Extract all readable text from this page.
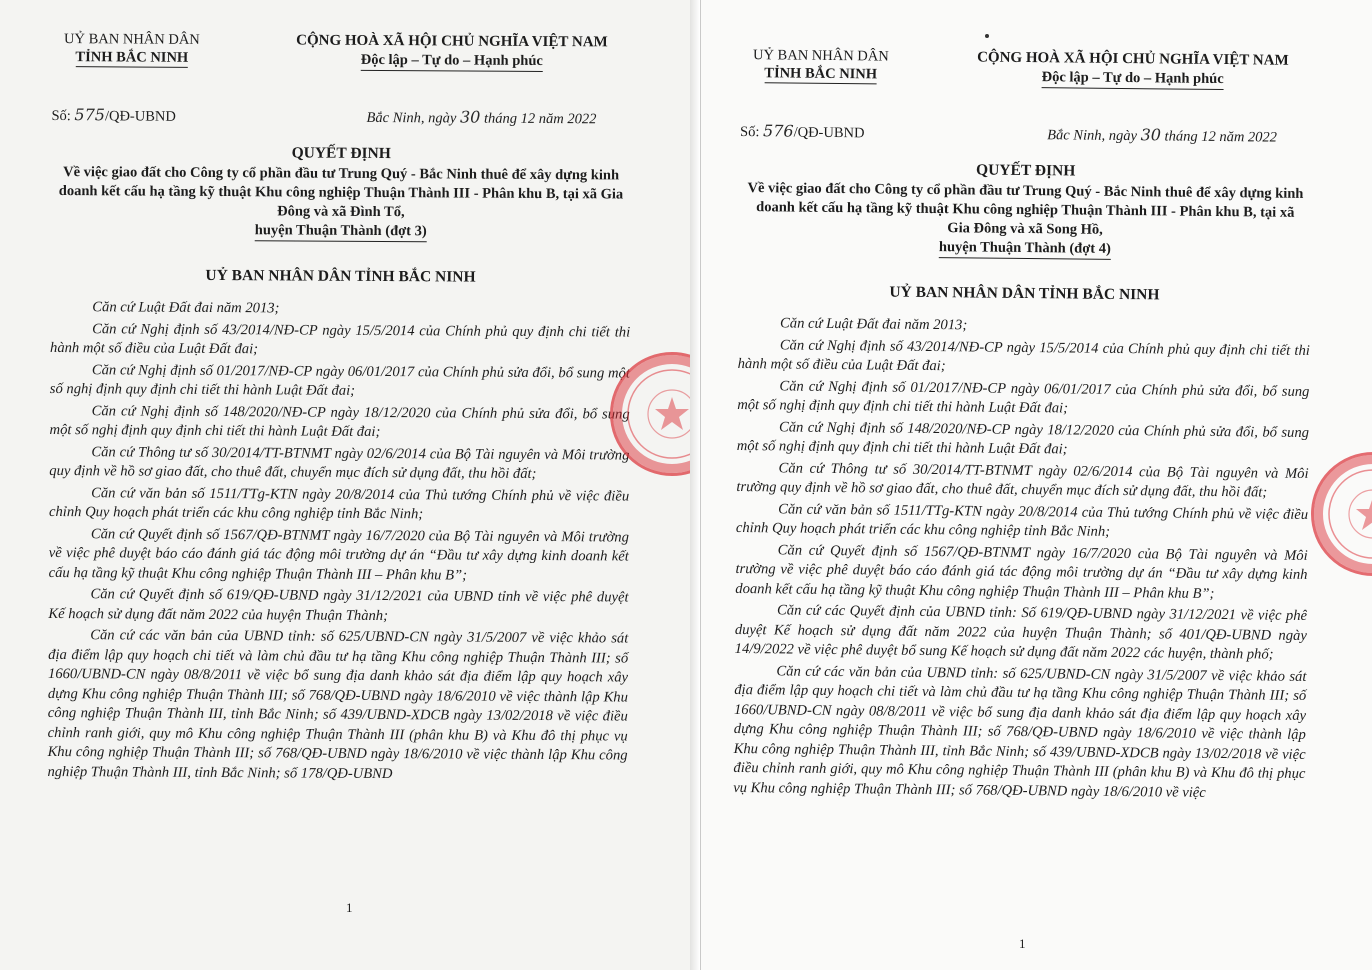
UỶ BAN NHÂN DÂN
TỈNH BẮC NINH
CỘNG HOÀ XÃ HỘI CHỦ NGHĨA VIỆT NAM
Độc lập – Tự do – Hạnh phúc
Số: 575/QĐ-UBND	Bắc Ninh, ngày 30 tháng 12 năm 2022
QUYẾT ĐỊNH
Về việc giao đất cho Công ty cổ phần đầu tư Trung Quý - Bắc Ninh thuê để xây dựng kinh doanh kết cấu hạ tầng kỹ thuật Khu công nghiệp Thuận Thành III - Phân khu B, tại xã Gia Đông và xã Đình Tổ,
huyện Thuận Thành (đợt 3)
UỶ BAN NHÂN DÂN TỈNH BẮC NINH

Căn cứ Luật Đất đai năm 2013;

Căn cứ Nghị định số 43/2014/NĐ-CP ngày 15/5/2014 của Chính phủ quy định chi tiết thi hành một số điều của Luật Đất đai;

Căn cứ Nghị định số 01/2017/NĐ-CP ngày 06/01/2017 của Chính phủ sửa đổi, bổ sung một số nghị định quy định chi tiết thi hành Luật Đất đai;

Căn cứ Nghị định số 148/2020/NĐ-CP ngày 18/12/2020 của Chính phủ sửa đổi, bổ sung một số nghị định quy định chi tiết thi hành Luật Đất đai;

Căn cứ Thông tư số 30/2014/TT-BTNMT ngày 02/6/2014 của Bộ Tài nguyên và Môi trường quy định về hồ sơ giao đất, cho thuê đất, chuyển mục đích sử dụng đất, thu hồi đất;

Căn cứ văn bản số 1511/TTg-KTN ngày 20/8/2014 của Thủ tướng Chính phủ về việc điều chỉnh Quy hoạch phát triển các khu công nghiệp tỉnh Bắc Ninh;

Căn cứ Quyết định số 1567/QĐ-BTNMT ngày 16/7/2020 của Bộ Tài nguyên và Môi trường về việc phê duyệt báo cáo đánh giá tác động môi trường dự án “Đầu tư xây dựng kinh doanh kết cấu hạ tầng kỹ thuật Khu công nghiệp Thuận Thành III – Phân khu B”;

Căn cứ Quyết định số 619/QĐ-UBND ngày 31/12/2021 của UBND tỉnh về việc phê duyệt Kế hoạch sử dụng đất năm 2022 của huyện Thuận Thành;

Căn cứ các văn bản của UBND tỉnh: số 625/UBND-CN ngày 31/5/2007 về việc khảo sát địa điểm lập quy hoạch chi tiết và làm chủ đầu tư hạ tầng Khu công nghiệp Thuận Thành III; số 1660/UBND-CN ngày 08/8/2011 về việc bổ sung địa danh khảo sát địa điểm lập quy hoạch xây dựng Khu công nghiệp Thuận Thành III; số 768/QĐ-UBND ngày 18/6/2010 về việc thành lập Khu công nghiệp Thuận Thành III, tỉnh Bắc Ninh; số 439/UBND-XDCB ngày 13/02/2018 về việc điều chỉnh ranh giới, quy mô Khu công nghiệp Thuận Thành III (phân khu B) và Khu đô thị phục vụ Khu công nghiệp Thuận Thành III; số 768/QĐ-UBND ngày 18/6/2010 về việc thành lập Khu công nghiệp Thuận Thành III, tỉnh Bắc Ninh; số 178/QĐ-UBND

1
UỶ BAN NHÂN DÂN
TỈNH BẮC NINH
CỘNG HOÀ XÃ HỘI CHỦ NGHĨA VIỆT NAM
Độc lập – Tự do – Hạnh phúc
Số: 576/QĐ-UBND	Bắc Ninh, ngày 30 tháng 12 năm 2022
QUYẾT ĐỊNH
Về việc giao đất cho Công ty cổ phần đầu tư Trung Quý - Bắc Ninh thuê để xây dựng kinh doanh kết cấu hạ tầng kỹ thuật Khu công nghiệp Thuận Thành III - Phân khu B, tại xã Gia Đông và xã Song Hồ,
huyện Thuận Thành (đợt 4)
UỶ BAN NHÂN DÂN TỈNH BẮC NINH

Căn cứ Luật Đất đai năm 2013;

Căn cứ Nghị định số 43/2014/NĐ-CP ngày 15/5/2014 của Chính phủ quy định chi tiết thi hành một số điều của Luật Đất đai;

Căn cứ Nghị định số 01/2017/NĐ-CP ngày 06/01/2017 của Chính phủ sửa đổi, bổ sung một số nghị định quy định chi tiết thi hành Luật Đất đai;

Căn cứ Nghị định số 148/2020/NĐ-CP ngày 18/12/2020 của Chính phủ sửa đổi, bổ sung một số nghị định quy định chi tiết thi hành Luật Đất đai;

Căn cứ Thông tư số 30/2014/TT-BTNMT ngày 02/6/2014 của Bộ Tài nguyên và Môi trường quy định về hồ sơ giao đất, cho thuê đất, chuyển mục đích sử dụng đất, thu hồi đất;

Căn cứ văn bản số 1511/TTg-KTN ngày 20/8/2014 của Thủ tướng Chính phủ về việc điều chỉnh Quy hoạch phát triển các khu công nghiệp tỉnh Bắc Ninh;

Căn cứ Quyết định số 1567/QĐ-BTNMT ngày 16/7/2020 của Bộ Tài nguyên và Môi trường về việc phê duyệt báo cáo đánh giá tác động môi trường dự án “Đầu tư xây dựng kinh doanh kết cấu hạ tầng kỹ thuật Khu công nghiệp Thuận Thành III – Phân khu B”;

Căn cứ các Quyết định của UBND tỉnh: Số 619/QĐ-UBND ngày 31/12/2021 về việc phê duyệt Kế hoạch sử dụng đất năm 2022 của huyện Thuận Thành; số 401/QĐ-UBND ngày 14/9/2022 về việc phê duyệt bổ sung Kế hoạch sử dụng đất năm 2022 các huyện, thành phố;

Căn cứ các văn bản của UBND tỉnh: số 625/UBND-CN ngày 31/5/2007 về việc khảo sát địa điểm lập quy hoạch chi tiết và làm chủ đầu tư hạ tầng Khu công nghiệp Thuận Thành III; số 1660/UBND-CN ngày 08/8/2011 về việc bổ sung địa danh khảo sát địa điểm lập quy hoạch xây dựng Khu công nghiệp Thuận Thành III; số 768/QĐ-UBND ngày 18/6/2010 về việc thành lập Khu công nghiệp Thuận Thành III, tỉnh Bắc Ninh; số 439/UBND-XDCB ngày 13/02/2018 về việc điều chỉnh ranh giới, quy mô Khu công nghiệp Thuận Thành III (phân khu B) và Khu đô thị phục vụ Khu công nghiệp Thuận Thành III; số 768/QĐ-UBND ngày 18/6/2010 về việc

1
